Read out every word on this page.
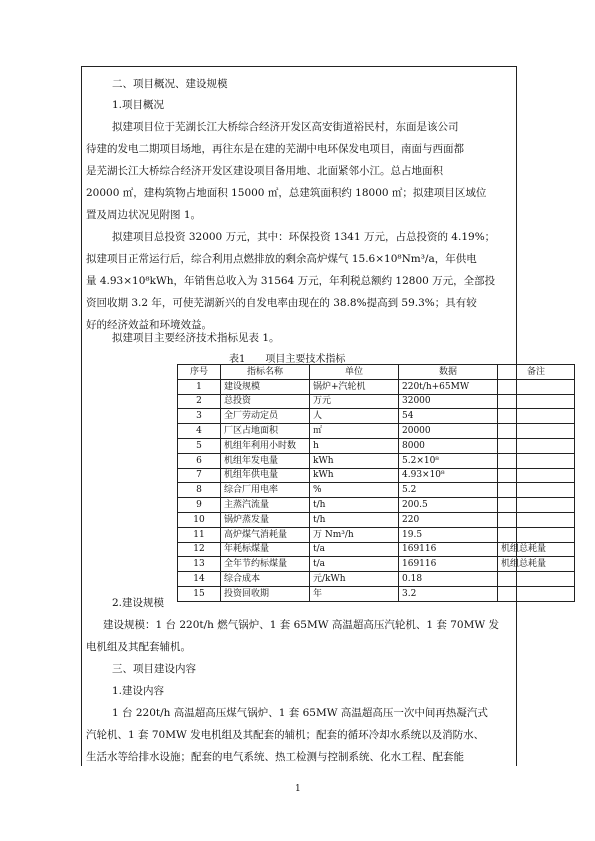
二、项目概况、建设规模
1.项目概况
拟建项目位于芜湖长江大桥综合经济开发区高安街道裕民村，东面是该公司
待建的发电二期项目场地，再往东是在建的芜湖中电环保发电项目，南面与西面都
是芜湖长江大桥综合经济开发区建设项目备用地、北面紧邻小江。总占地面积
20000 ㎡，建构筑物占地面积 15000 ㎡，总建筑面积约 18000 ㎡；拟建项目区域位
置及周边状况见附图 1。
拟建项目总投资 32000 万元，其中：环保投资 1341 万元，占总投资的 4.19%；
拟建项目正常运行后，综合利用点燃排放的剩余高炉煤气 15.6×10⁸Nm³/a，年供电
量 4.93×10⁸kWh，年销售总收入为 31564 万元，年利税总额约 12800 万元，全部投
资回收期 3.2 年，可使芜湖新兴的自发电率由现在的 38.8%提高到 59.3%；具有较
好的经济效益和环境效益。
拟建项目主要经济技术指标见表 1。
表1　　项目主要技术指标
序号	指标名称	单位	数据	备注
1	建设规模	锅炉+汽轮机	220t/h+65MW	
2	总投资	万元	32000	
3	全厂劳动定员	人	54	
4	厂区占地面积	㎡	20000	
5	机组年利用小时数	h	8000	
6	机组年发电量	kWh	5.2×10⁸	
7	机组年供电量	kWh	4.93×10⁸	
8	综合厂用电率	%	5.2	
9	主蒸汽流量	t/h	200.5	
10	锅炉蒸发量	t/h	220	
11	高炉煤气消耗量	万 Nm³/h	19.5	
12	年耗标煤量	t/a	169116	机组总耗量
13	全年节约标煤量	t/a	169116	机组总耗量
14	综合成本	元/kWh	0.18	
15	投资回收期	年	3.2	
2.建设规模
建设规模：1 台 220t/h 燃气锅炉、1 套 65MW 高温超高压汽轮机、1 套 70MW 发
电机组及其配套辅机。
三、项目建设内容
1.建设内容
1 台 220t/h 高温超高压煤气锅炉、1 套 65MW 高温超高压一次中间再热凝汽式
汽轮机、1 套 70MW 发电机组及其配套的辅机；配套的循环冷却水系统以及消防水、
生活水等给排水设施；配套的电气系统、热工检测与控制系统、化水工程、配套能
1
